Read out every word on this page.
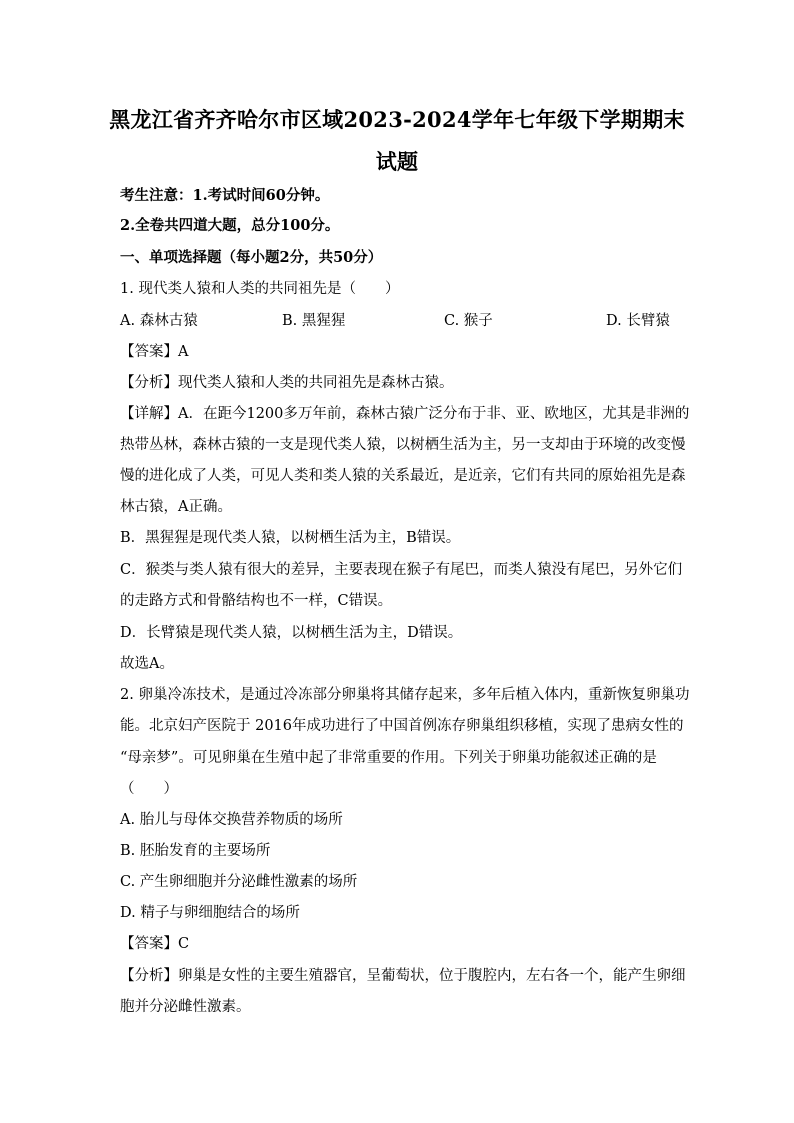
黑龙江省齐齐哈尔市区域2023-2024学年七年级下学期期末
试题
考生注意：1.考试时间60分钟。
2.全卷共四道大题，总分100分。
一、单项选择题（每小题2分，共50分）
1. 现代类人猿和人类的共同祖先是（　　）
A. 森林古猿	B. 黑猩猩	C. 猴子	D. 长臂猿
【答案】A
【分析】现代类人猿和人类的共同祖先是森林古猿。
【详解】A．在距今1200多万年前，森林古猿广泛分布于非、亚、欧地区，尤其是非洲的
热带丛林，森林古猿的一支是现代类人猿，以树栖生活为主，另一支却由于环境的改变慢
慢的进化成了人类，可见人类和类人猿的关系最近，是近亲，它们有共同的原始祖先是森
林古猿，A正确。
B．黑猩猩是现代类人猿，以树栖生活为主，B错误。
C．猴类与类人猿有很大的差异，主要表现在猴子有尾巴，而类人猿没有尾巴，另外它们
的走路方式和骨骼结构也不一样，C错误。
D．长臂猿是现代类人猿，以树栖生活为主，D错误。
故选A。
2. 卵巢冷冻技术，是通过冷冻部分卵巢将其储存起来，多年后植入体内，重新恢复卵巢功
能。北京妇产医院于 2016年成功进行了中国首例冻存卵巢组织移植，实现了患病女性的
“母亲梦”。可见卵巢在生殖中起了非常重要的作用。下列关于卵巢功能叙述正确的是
（　　）
A. 胎儿与母体交换营养物质的场所
B. 胚胎发育的主要场所
C. 产生卵细胞并分泌雌性激素的场所
D. 精子与卵细胞结合的场所
【答案】C
【分析】卵巢是女性的主要生殖器官，呈葡萄状，位于腹腔内，左右各一个，能产生卵细
胞并分泌雌性激素。
